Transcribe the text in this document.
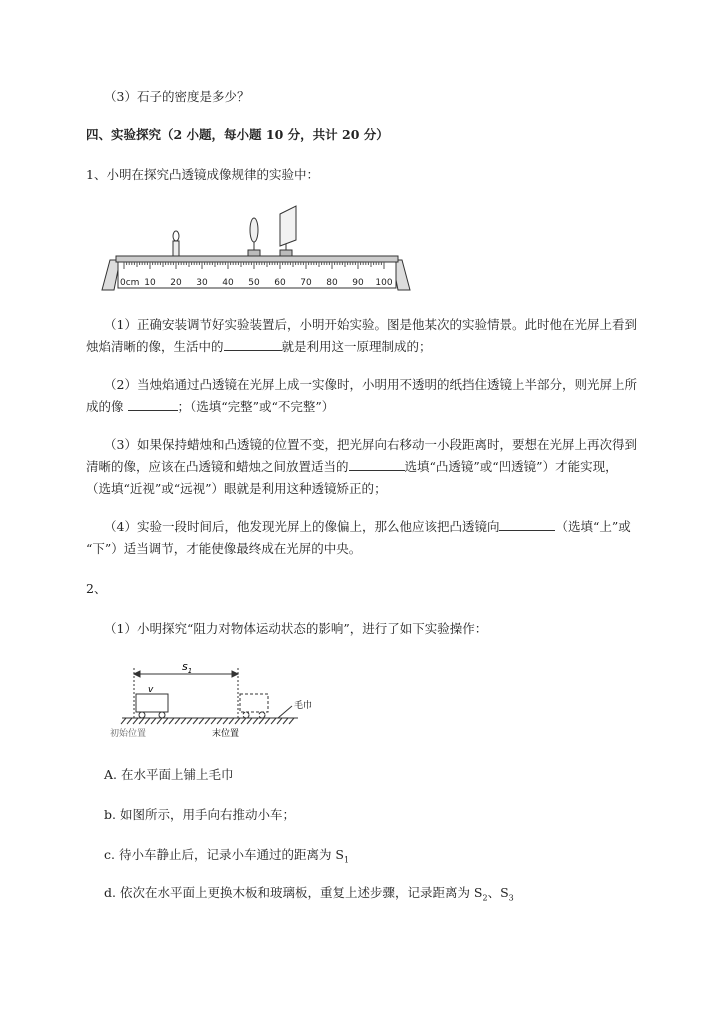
（3）石子的密度是多少？
四、实验探究（2 小题，每小题 10 分，共计 20 分）
1、小明在探究凸透镜成像规律的实验中：
0cm 10 20 30 40 50 60 70 80 90 100
（1）正确安装调节好实验装置后，小明开始实验。图是他某次的实验情景。此时他在光屏上看到
烛焰清晰的像，生活中的	就是利用这一原理制成的；
（2）当烛焰通过凸透镜在光屏上成一实像时，小明用不透明的纸挡住透镜上半部分，则光屏上所
成的像	；（选填“完整”或“不完整”）
（3）如果保持蜡烛和凸透镜的位置不变，把光屏向右移动一小段距离时，要想在光屏上再次得到
清晰的像，应该在凸透镜和蜡烛之间放置适当的	选填“凸透镜”或“凹透镜”）才能实现，
（选填“近视”或“远视”）眼就是利用这种透镜矫正的；
（4）实验一段时间后，他发现光屏上的像偏上，那么他应该把凸透镜向	（选填“上”或
“下”）适当调节，才能使像最终成在光屏的中央。
2、
（1）小明探究“阻力对物体运动状态的影响”，进行了如下实验操作：
$s_1$
v
毛巾
初始位置	末位置
A. 在水平面上铺上毛巾
b. 如图所示，用手向右推动小车；
c. 待小车静止后，记录小车通过的距离为 $S_1$
d. 依次在水平面上更换木板和玻璃板，重复上述步骤，记录距离为 $S_2$、$S_3$
